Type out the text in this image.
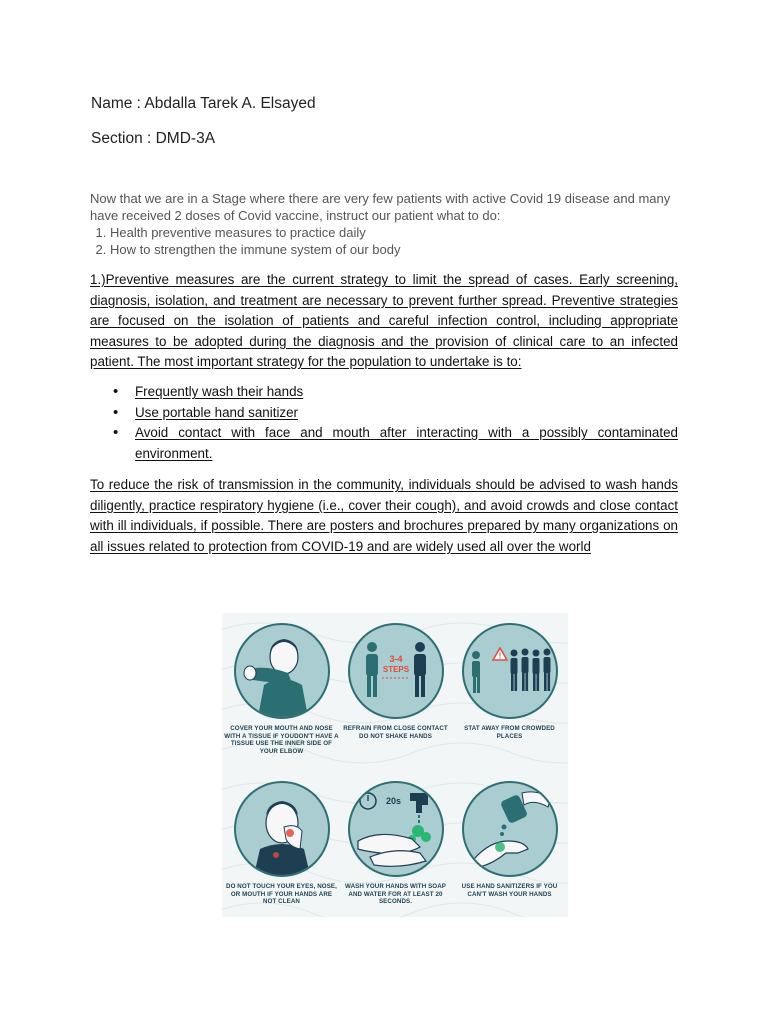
Name : Abdalla Tarek A. Elsayed
Section : DMD-3A
Now that we are in a Stage where there are very few patients with active Covid 19 disease and many have received 2 doses of Covid vaccine, instruct our patient what to do:
1. Health preventive measures to practice daily
2. How to strengthen the immune system of our body
1.)Preventive measures are the current strategy to limit the spread of cases. Early screening, diagnosis, isolation, and treatment are necessary to prevent further spread. Preventive strategies are focused on the isolation of patients and careful infection control, including appropriate measures to be adopted during the diagnosis and the provision of clinical care to an infected patient. The most important strategy for the population to undertake is to:
• Frequently wash their hands
• Use portable hand sanitizer
• Avoid contact with face and mouth after interacting with a possibly contaminated environment.
To reduce the risk of transmission in the community, individuals should be advised to wash hands diligently, practice respiratory hygiene (i.e., cover their cough), and avoid crowds and close contact with ill individuals, if possible. There are posters and brochures prepared by many organizations on all issues related to protection from COVID-19 and are widely used all over the world
COVER YOUR MOUTH AND NOSE WITH A TISSUE IF YOUDON'T HAVE A TISSUE USE THE INNER SIDE OF YOUR ELBOW
3-4
STEPS
REFRAIN FROM CLOSE CONTACT DO NOT SHAKE HANDS
!
STAT AWAY FROM CROWDED PLACES
DO NOT TOUCH YOUR EYES, NOSE, OR MOUTH IF YOUR HANDS ARE NOT CLEAN
20s
WASH YOUR HANDS WITH SOAP AND WATER FOR AT LEAST 20 SECONDS.
USE HAND SANITIZERS IF YOU CAN'T WASH YOUR HANDS
